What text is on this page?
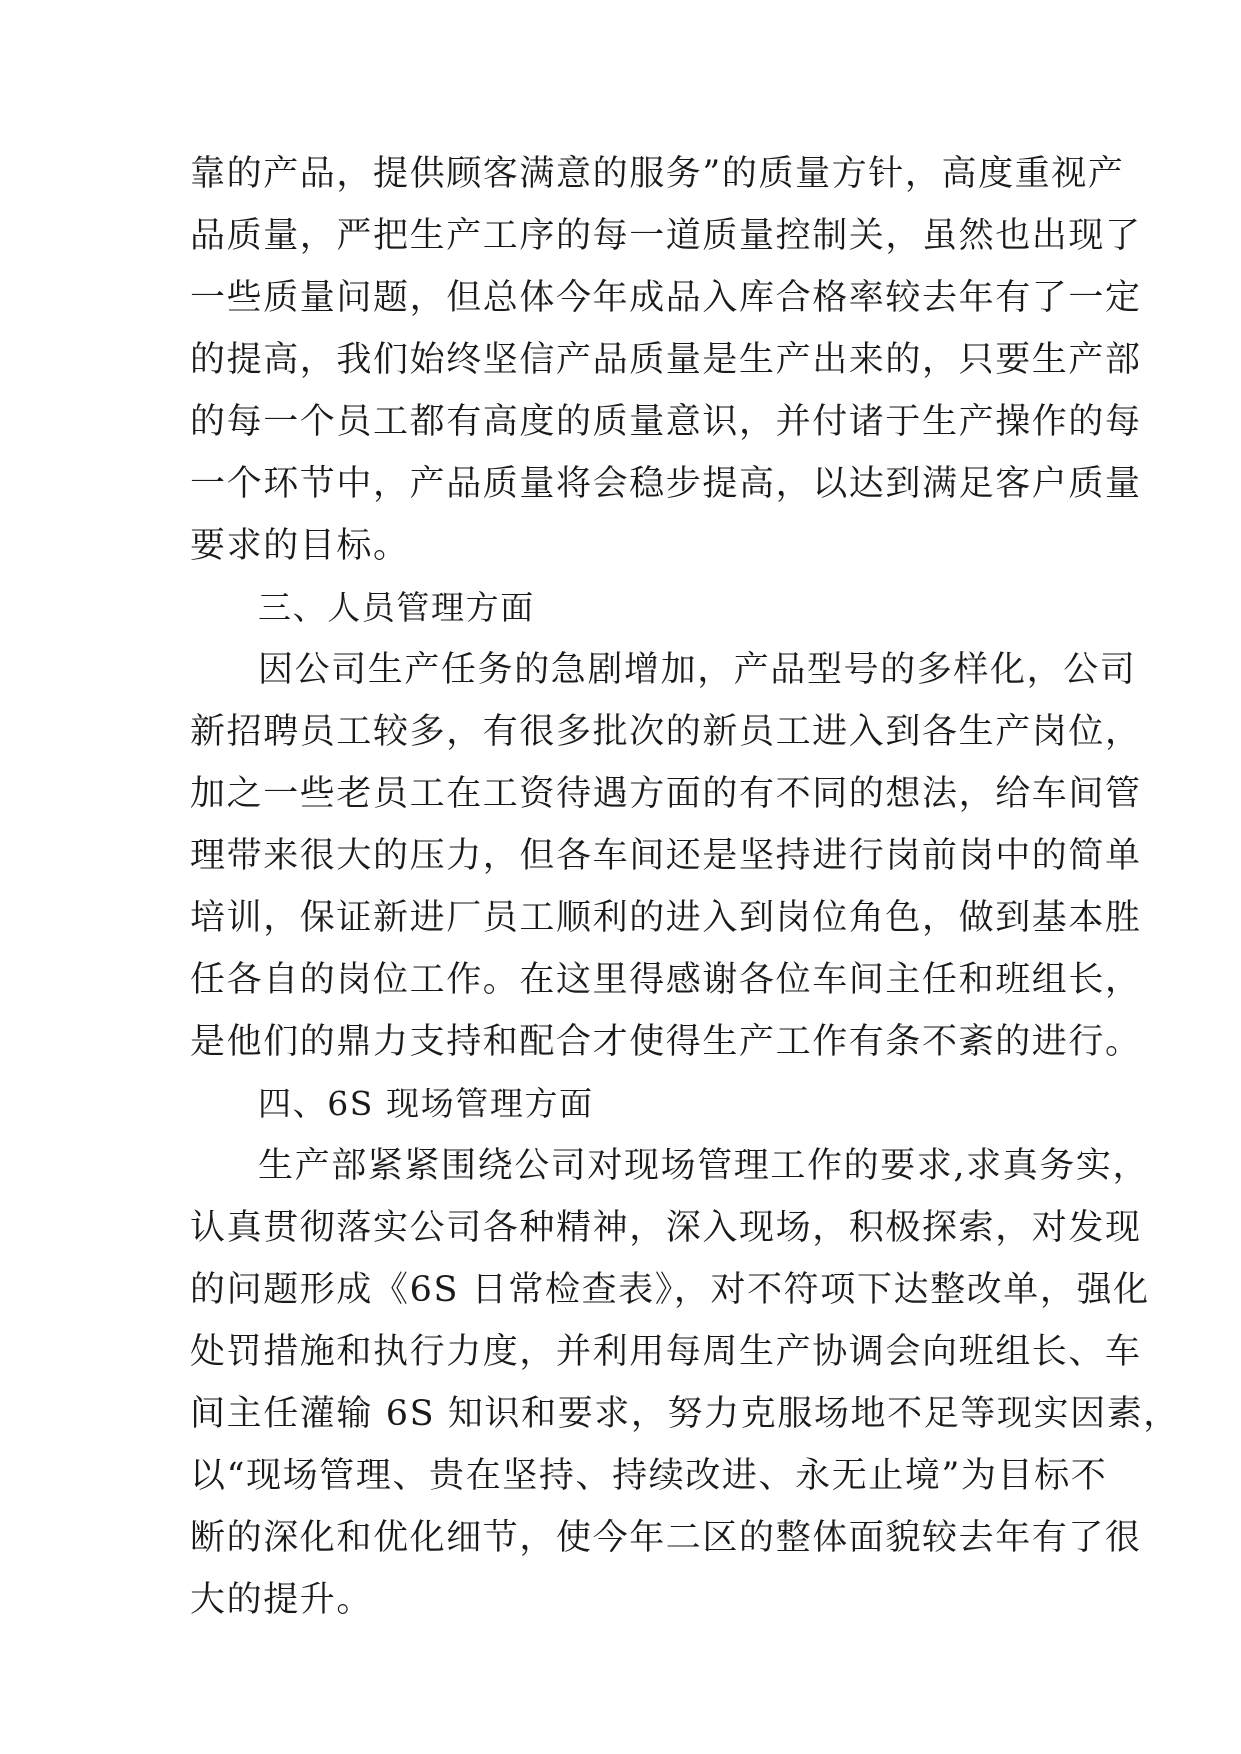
靠的产品，提供顾客满意的服务”的质量方针，高度重视产
品质量，严把生产工序的每一道质量控制关，虽然也出现了
一些质量问题，但总体今年成品入库合格率较去年有了一定
的提高，我们始终坚信产品质量是生产出来的，只要生产部
的每一个员工都有高度的质量意识，并付诸于生产操作的每
一个环节中，产品质量将会稳步提高，以达到满足客户质量
要求的目标。
三、人员管理方面
因公司生产任务的急剧增加，产品型号的多样化，公司
新招聘员工较多，有很多批次的新员工进入到各生产岗位，
加之一些老员工在工资待遇方面的有不同的想法，给车间管
理带来很大的压力，但各车间还是坚持进行岗前岗中的简单
培训，保证新进厂员工顺利的进入到岗位角色，做到基本胜
任各自的岗位工作。在这里得感谢各位车间主任和班组长，
是他们的鼎力支持和配合才使得生产工作有条不紊的进行。
四、6S 现场管理方面
生产部紧紧围绕公司对现场管理工作的要求,求真务实，
认真贯彻落实公司各种精神，深入现场，积极探索，对发现
的问题形成《6S 日常检查表》，对不符项下达整改单，强化
处罚措施和执行力度，并利用每周生产协调会向班组长、车
间主任灌输 6S 知识和要求，努力克服场地不足等现实因素，
以“现场管理、贵在坚持、持续改进、永无止境”为目标不
断的深化和优化细节，使今年二区的整体面貌较去年有了很
大的提升。
